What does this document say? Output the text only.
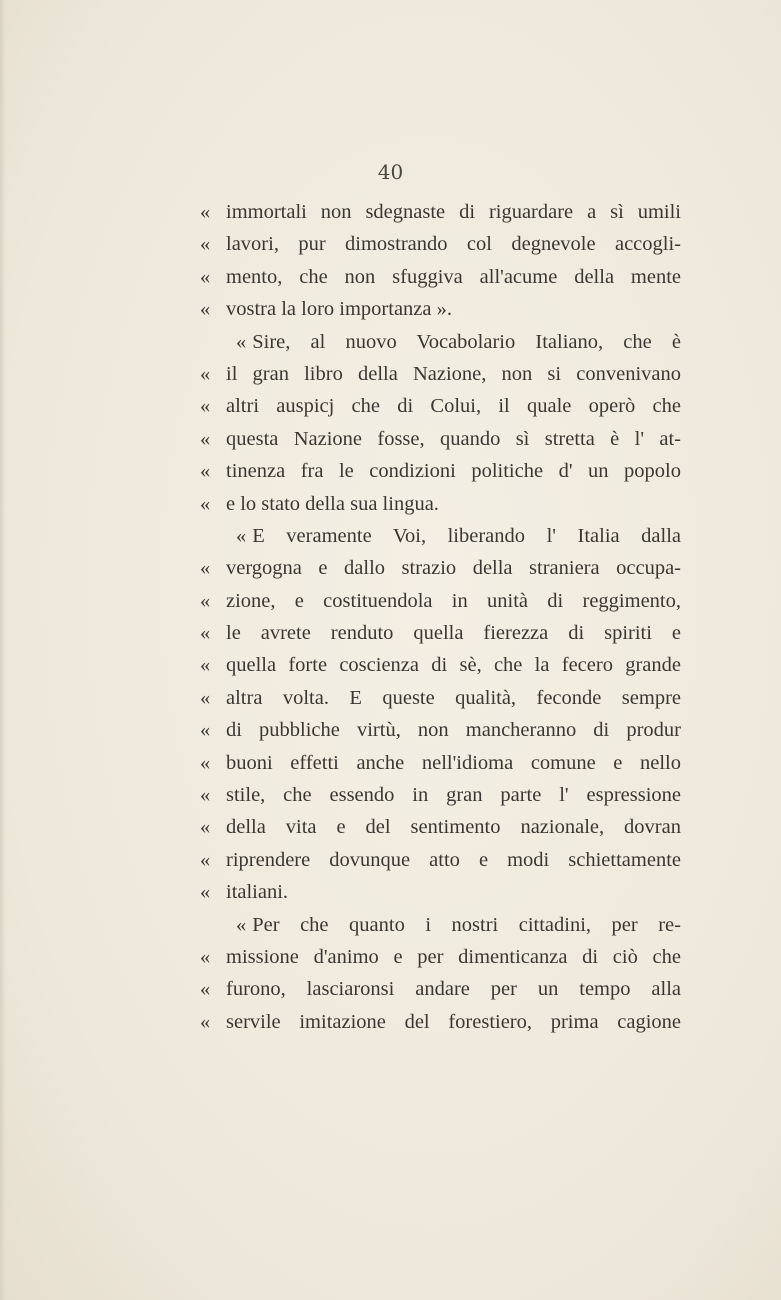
40
« immortali non sdegnaste di riguardare a sì umili
« lavori, pur dimostrando col degnevole accogli-
« mento, che non sfuggiva all'acume della mente
« vostra la loro importanza ».
« Sire, al nuovo Vocabolario Italiano, che è
« il gran libro della Nazione, non si convenivano
« altri auspicj che di Colui, il quale operò che
« questa Nazione fosse, quando sì stretta è l' at-
« tinenza fra le condizioni politiche d' un popolo
« e lo stato della sua lingua.
« E veramente Voi, liberando l' Italia dalla
« vergogna e dallo strazio della straniera occupa-
« zione, e costituendola in unità di reggimento,
« le avrete renduto quella fierezza di spiriti e
« quella forte coscienza di sè, che la fecero grande
« altra volta. E queste qualità, feconde sempre
« di pubbliche virtù, non mancheranno di produr
« buoni effetti anche nell'idioma comune e nello
« stile, che essendo in gran parte l' espressione
« della vita e del sentimento nazionale, dovran
« riprendere dovunque atto e modi schiettamente
« italiani.
« Per che quanto i nostri cittadini, per re-
« missione d'animo e per dimenticanza di ciò che
« furono, lasciaronsi andare per un tempo alla
« servile imitazione del forestiero, prima cagione
